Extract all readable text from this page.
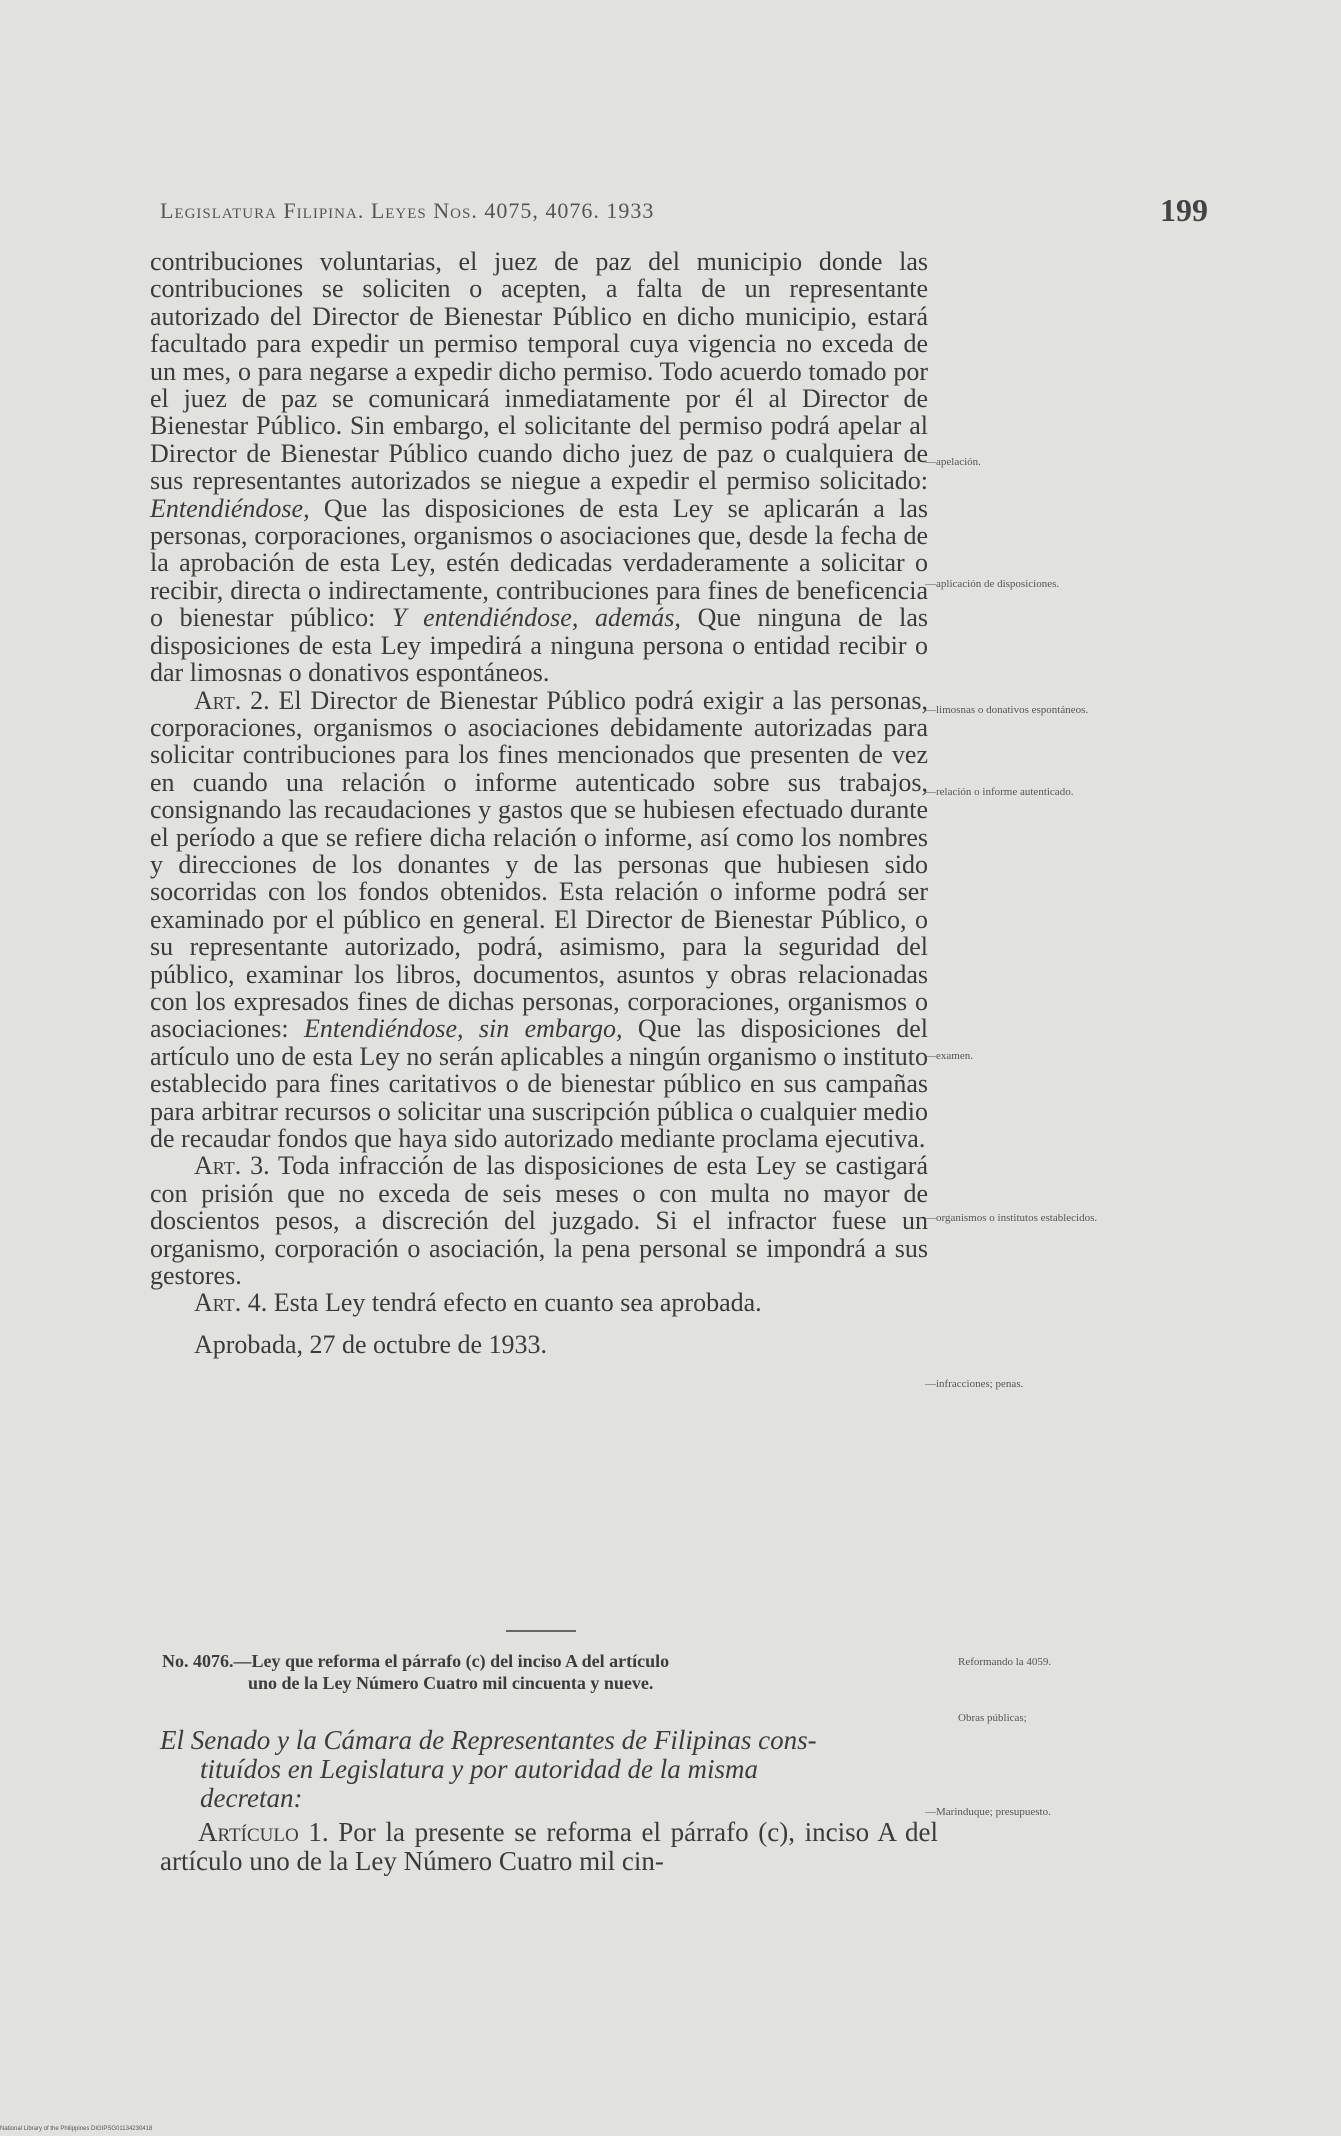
Legislatura Filipina. Leyes Nos. 4075, 4076. 1933	199

contribuciones voluntarias, el juez de paz del municipio donde las contribuciones se soliciten o acepten, a falta de un representante autorizado del Director de Bienestar Público en dicho municipio, estará facultado para expedir un permiso temporal cuya vigencia no exceda de un mes, o para negarse a expedir dicho permiso. Todo acuerdo tomado por el juez de paz se comunicará inmediatamente por él al Director de Bienestar Público. Sin embargo, el solicitante del permiso podrá apelar al Director de Bienestar Público cuando dicho juez de paz o cualquiera de sus representantes autorizados se niegue a expedir el permiso solicitado: Entendiéndose, Que las disposiciones de esta Ley se aplicarán a las personas, corporaciones, organismos o asociaciones que, desde la fecha de la aprobación de esta Ley, estén dedicadas verdaderamente a solicitar o recibir, directa o indirectamente, contribuciones para fines de beneficencia o bienestar público: Y entendiéndose, además, Que ninguna de las disposiciones de esta Ley impedirá a ninguna persona o entidad recibir o dar limosnas o donativos espontáneos.

Art. 2. El Director de Bienestar Público podrá exigir a las personas, corporaciones, organismos o asociaciones debidamente autorizadas para solicitar contribuciones para los fines mencionados que presenten de vez en cuando una relación o informe autenticado sobre sus trabajos, consignando las recaudaciones y gastos que se hubiesen efectuado durante el período a que se refiere dicha relación o informe, así como los nombres y direcciones de los donantes y de las personas que hubiesen sido socorridas con los fondos obtenidos. Esta relación o informe podrá ser examinado por el público en general. El Director de Bienestar Público, o su representante autorizado, podrá, asimismo, para la seguridad del público, examinar los libros, documentos, asuntos y obras relacionadas con los expresados fines de dichas personas, corporaciones, organismos o asociaciones: Entendiéndose, sin embargo, Que las disposiciones del artículo uno de esta Ley no serán aplicables a ningún organismo o instituto establecido para fines caritativos o de bienestar público en sus campañas para arbitrar recursos o solicitar una suscripción pública o cualquier medio de recaudar fondos que haya sido autorizado mediante proclama ejecutiva.

Art. 3. Toda infracción de las disposiciones de esta Ley se castigará con prisión que no exceda de seis meses o con multa no mayor de doscientos pesos, a discreción del juzgado. Si el infractor fuese un organismo, corporación o asociación, la pena personal se impondrá a sus gestores.

Art. 4. Esta Ley tendrá efecto en cuanto sea aprobada.

Aprobada, 27 de octubre de 1933.

—apelación.
—aplicación de disposiciones.
—limosnas o donativos espontáneos.
—relación o informe autenticado.
—examen.
—organismos o institutos establecidos.
—infracciones; penas.
No. 4076.—Ley que reforma el párrafo (c) del inciso A del artículo
uno de la Ley Número Cuatro mil cincuenta y nueve.
Reformando la 4059.
El Senado y la Cámara de Representantes de Filipinas cons-
tituídos en Legislatura y por autoridad de la misma
decretan:
Obras públicas;

Artículo 1. Por la presente se reforma el párrafo (c), inciso A del artículo uno de la Ley Número Cuatro mil cin-

—Marinduque; presupuesto.
National Library of the Philippines DIGIPSG01134230418
